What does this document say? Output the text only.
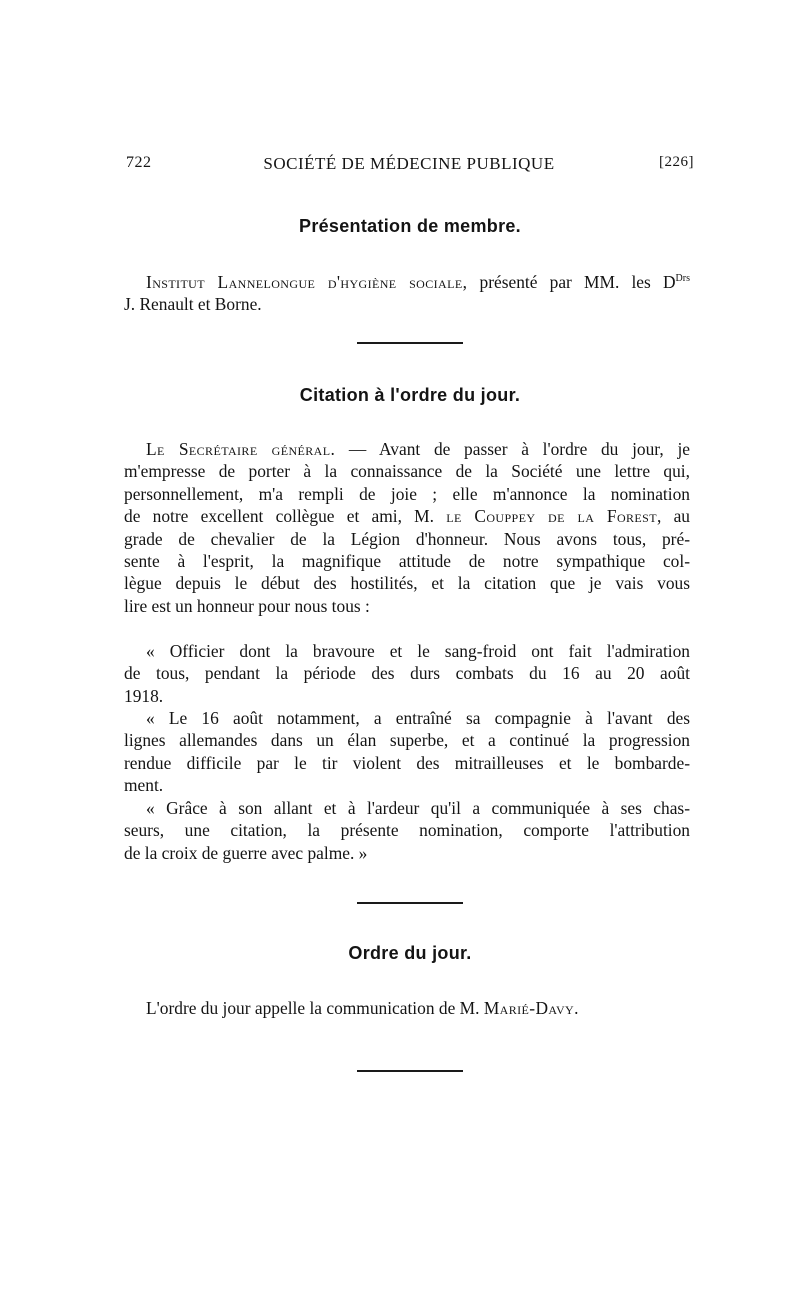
722	SOCIÉTÉ DE MÉDECINE PUBLIQUE	[226]
Présentation de membre.
Institut Lannelongue d'hygiène sociale, présenté par MM. les $D^{Drs}$
J. Renault et Borne.
Citation à l'ordre du jour.
Le Secrétaire général. — Avant de passer à l'ordre du jour, je
m'empresse de porter à la connaissance de la Société une lettre qui,
personnellement, m'a rempli de joie ; elle m'annonce la nomination
de notre excellent collègue et ami, M. le Couppey de la Forest, au
grade de chevalier de la Légion d'honneur. Nous avons tous, pré-
sente à l'esprit, la magnifique attitude de notre sympathique col-
lègue depuis le début des hostilités, et la citation que je vais vous
lire est un honneur pour nous tous :
« Officier dont la bravoure et le sang-froid ont fait l'admiration
de tous, pendant la période des durs combats du 16 au 20 août
1918.
« Le 16 août notamment, a entraîné sa compagnie à l'avant des
lignes allemandes dans un élan superbe, et a continué la progression
rendue difficile par le tir violent des mitrailleuses et le bombarde-
ment.
« Grâce à son allant et à l'ardeur qu'il a communiquée à ses chas-
seurs, une citation, la présente nomination, comporte l'attribution
de la croix de guerre avec palme. »
Ordre du jour.
L'ordre du jour appelle la communication de M. Marié-Davy.
